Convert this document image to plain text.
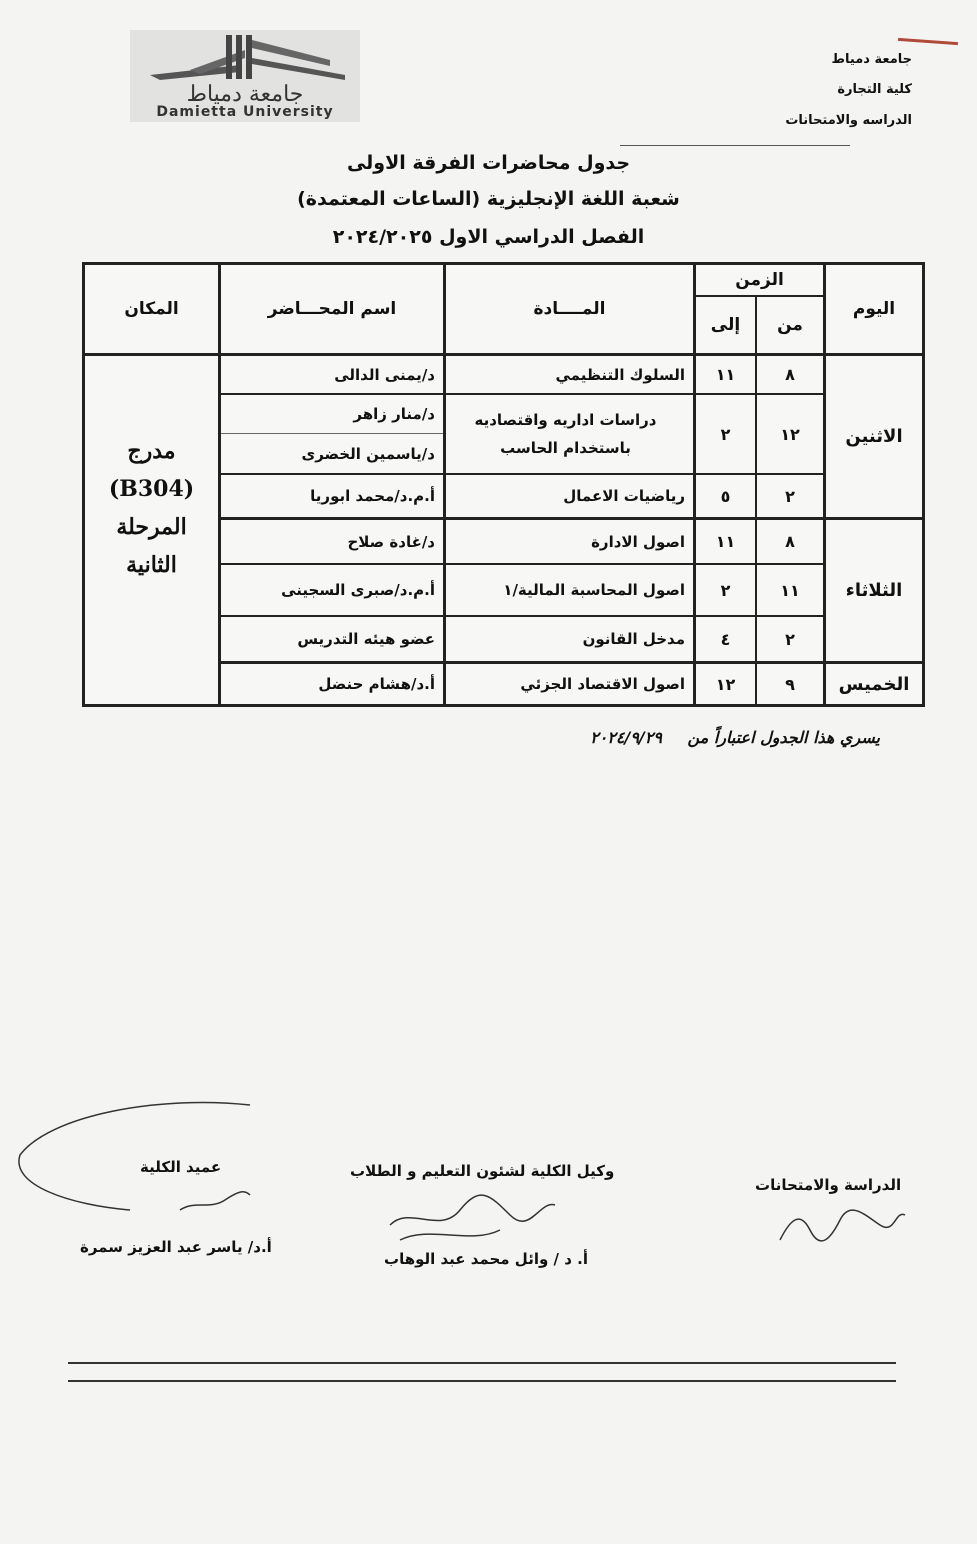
جامعة دمياط
Damietta University
جامعة دمياط
كلية التجارة
الدراسه والامتحانات
جدول محاضرات الفرقة الاولى
شعبة اللغة الإنجليزية (الساعات المعتمدة)
الفصل الدراسي الاول ٢٠٢٤/٢٠٢٥
اليوم
الزمن
من
إلى
المــــادة
اسم المحـــاضر
المكان
الاثنين
الثلاثاء
الخميس
٨
١١
السلوك التنظيمي
د/يمنى الدالى
١٢
٢
دراسات اداريه واقتصاديه باستخدام الحاسب
د/منار زاهر
د/ياسمين الخضرى
٢
٥
رياضيات الاعمال
أ.م.د/محمد ابوريا
٨
١١
اصول الادارة
د/غادة صلاح
١١
٢
اصول المحاسبة المالية/١
أ.م.د/صبرى السجينى
٢
٤
مدخل القانون
عضو هيئه التدريس
٩
١٢
اصول الاقتصاد الجزئي
أ.د/هشام حنضل
مدرج
(B304)
المرحلة
الثانية
يسري هذا الجدول اعتباراً من ٢٠٢٤/٩/٢٩
الدراسة والامتحانات
وكيل الكلية لشئون التعليم و الطلاب
أ. د / وائل محمد عبد الوهاب
عميد الكلية
أ.د/ ياسر عبد العزيز سمرة
